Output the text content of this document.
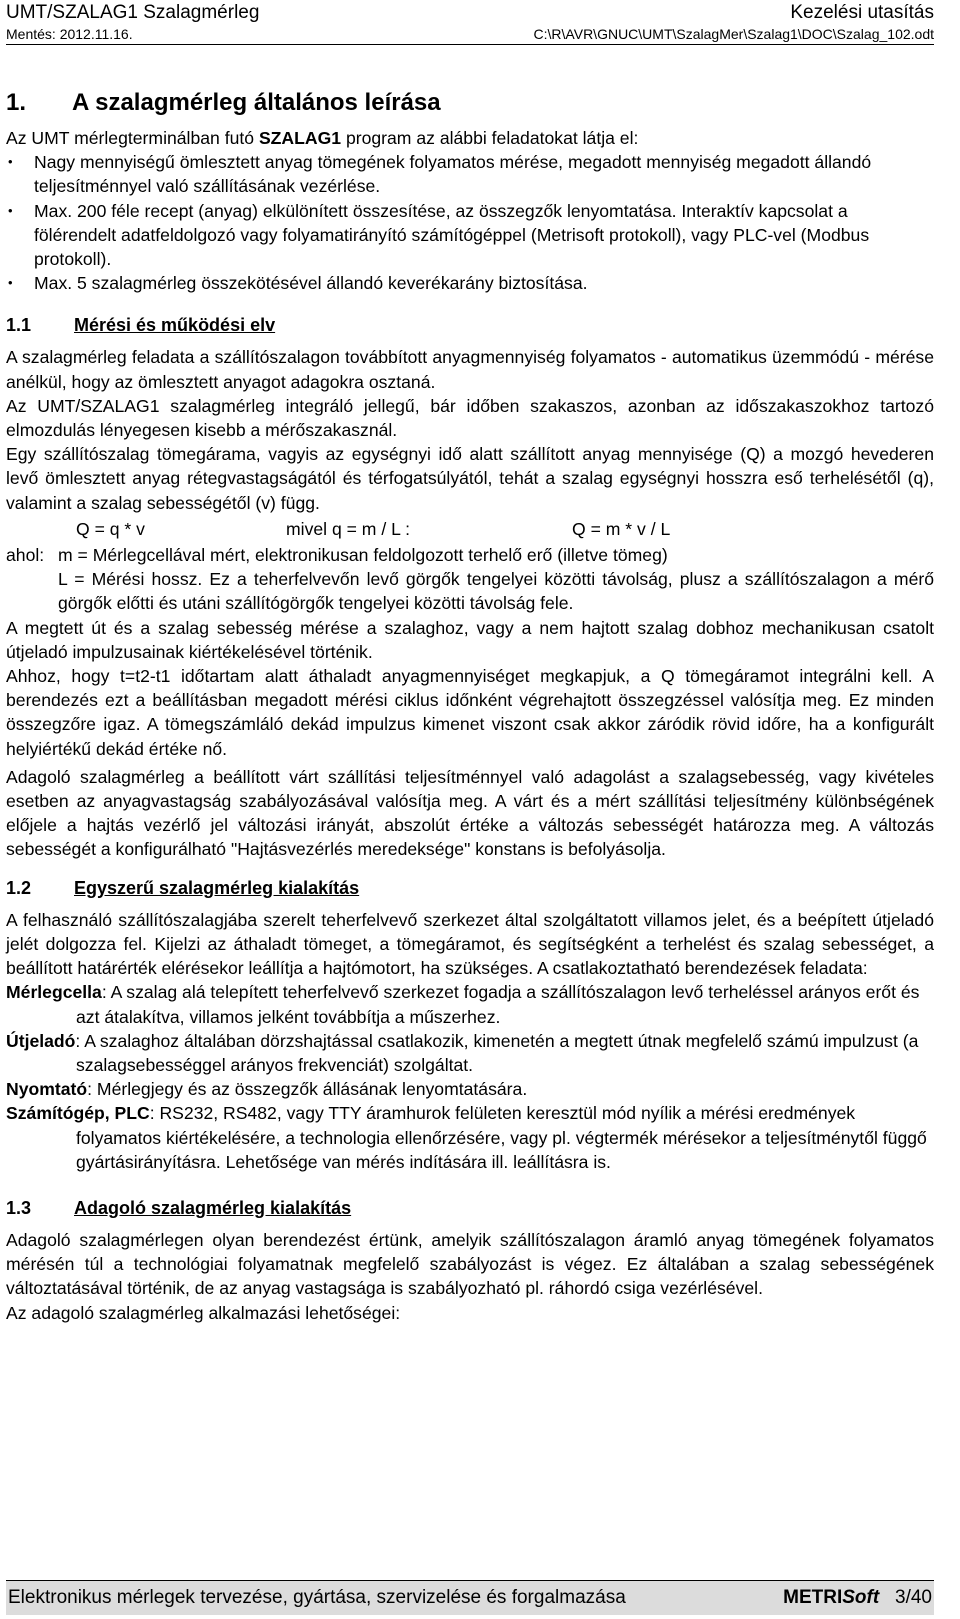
UMT/SZALAG1 Szalagmérleg	Kezelési utasítás
Mentés: 2012.11.16.	C:\R\AVR\GNUC\UMT\SzalagMer\Szalag1\DOC\Szalag_102.odt
1.	A szalagmérleg általános leírása

Az UMT mérlegterminálban futó SZALAG1 program az alábbi feladatokat látja el:

• Nagy mennyiségű ömlesztett anyag tömegének folyamatos mérése, megadott mennyiség megadott állandó teljesítménnyel való szállításának vezérlése.
• Max. 200 féle recept (anyag) elkülönített összesítése, az összegzők lenyomtatása. Interaktív kapcsolat a fölérendelt adatfeldolgozó vagy folyamatirányító számítógéppel (Metrisoft protokoll), vagy PLC-vel (Modbus protokoll).
• Max. 5 szalagmérleg összekötésével állandó keverékarány biztosítása.
1.1	Mérési és működési elv

A szalagmérleg feladata a szállítószalagon továbbított anyagmennyiség folyamatos - automatikus üzemmódú - mérése anélkül, hogy az ömlesztett anyagot adagokra osztaná.

Az UMT/SZALAG1 szalagmérleg integráló jellegű, bár időben szakaszos, azonban az időszakaszokhoz tartozó elmozdulás lényegesen kisebb a mérőszakasznál.

Egy szállítószalag tömegárama, vagyis az egységnyi idő alatt szállított anyag mennyisége (Q) a mozgó hevederen levő ömlesztett anyag rétegvastagságától és térfogatsúlyától, tehát a szalag egységnyi hosszra eső terhelésétől (q), valamint a szalag sebességétől (v) függ.

Q = q * v	mivel q = m / L :	Q = m * v / L
ahol: m = Mérlegcellával mért, elektronikusan feldolgozott terhelő erő (illetve tömeg)

L = Mérési hossz. Ez a teherfelvevőn levő görgők tengelyei közötti távolság, plusz a szállítószalagon a mérő görgők előtti és utáni szállítógörgők tengelyei közötti távolság fele.

A megtett út és a szalag sebesség mérése a szalaghoz, vagy a nem hajtott szalag dobhoz mechanikusan csatolt útjeladó impulzusainak kiértékelésével történik.

Ahhoz, hogy t=t2-t1 időtartam alatt áthaladt anyagmennyiséget megkapjuk, a Q tömegáramot integrálni kell. A berendezés ezt a beállításban megadott mérési ciklus időnként végrehajtott összegzéssel valósítja meg. Ez minden összegzőre igaz. A tömegszámláló dekád impulzus kimenet viszont csak akkor záródik rövid időre, ha a konfigurált helyiértékű dekád értéke nő.

Adagoló szalagmérleg a beállított várt szállítási teljesítménnyel való adagolást a szalagsebesség, vagy kivételes esetben az anyagvastagság szabályozásával valósítja meg. A várt és a mért szállítási teljesítmény különbségének előjele a hajtás vezérlő jel változási irányát, abszolút értéke a változás sebességét határozza meg. A változás sebességét a konfigurálható "Hajtásvezérlés meredeksége" konstans is befolyásolja.

1.2	Egyszerű szalagmérleg kialakítás

A felhasználó szállítószalagjába szerelt teherfelvevő szerkezet által szolgáltatott villamos jelet, és a beépített útjeladó jelét dolgozza fel. Kijelzi az áthaladt tömeget, a tömegáramot, és segítségként a terhelést és szalag sebességet, a beállított határérték elérésekor leállítja a hajtómotort, ha szükséges. A csatlakoztatható berendezések feladata:

Mérlegcella: A szalag alá telepített teherfelvevő szerkezet fogadja a szállítószalagon levő terheléssel arányos erőt és azt átalakítva, villamos jelként továbbítja a műszerhez.

Útjeladó: A szalaghoz általában dörzshajtással csatlakozik, kimenetén a megtett útnak megfelelő számú impulzust (a szalagsebességgel arányos frekvenciát) szolgáltat.

Nyomtató: Mérlegjegy és az összegzők állásának lenyomtatására.

Számítógép, PLC: RS232, RS482, vagy TTY áramhurok felületen keresztül mód nyílik a mérési eredmények folyamatos kiértékelésére, a technologia ellenőrzésére, vagy pl. végtermék mérésekor a teljesítménytől függő gyártásirányításra. Lehetősége van mérés indítására ill. leállításra is.

1.3	Adagoló szalagmérleg kialakítás

Adagoló szalagmérlegen olyan berendezést értünk, amelyik szállítószalagon áramló anyag tömegének folyamatos mérésén túl a technológiai folyamatnak megfelelő szabályozást is végez. Ez általában a szalag sebességének változtatásával történik, de az anyag vastagsága is szabályozható pl. ráhordó csiga vezérlésével.

Az adagoló szalagmérleg alkalmazási lehetőségei:

Elektronikus mérlegek tervezése, gyártása, szervizelése és forgalmazása	METRISoft 3/40
